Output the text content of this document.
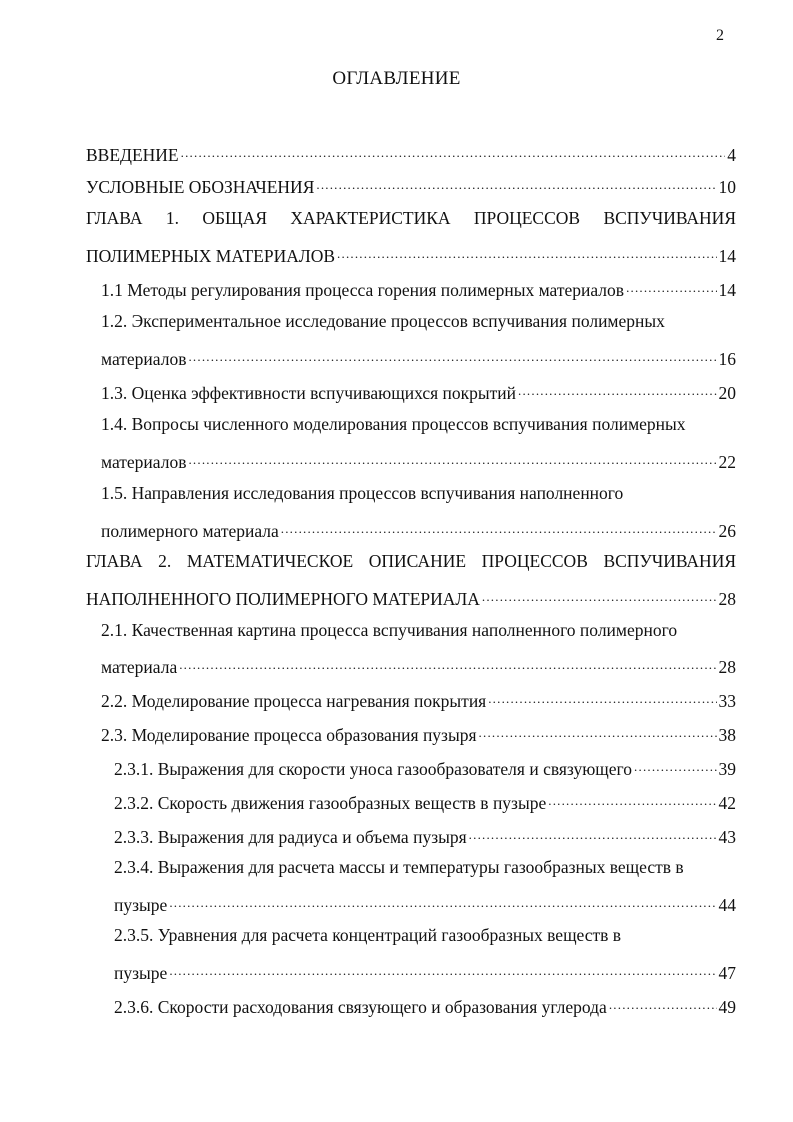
2
ОГЛАВЛЕНИЕ
ВВЕДЕНИЕ .....	4
УСЛОВНЫЕ ОБОЗНАЧЕНИЯ .....	10
ГЛАВА 1. ОБЩАЯ ХАРАКТЕРИСТИКА ПРОЦЕССОВ ВСПУЧИВАНИЯ
ПОЛИМЕРНЫХ МАТЕРИАЛОВ .....	14
1.1 Методы регулирования процесса горения полимерных материалов .....	14
1.2. Экспериментальное исследование процессов вспучивания полимерных
материалов .....	16
1.3. Оценка эффективности вспучивающихся покрытий .....	20
1.4. Вопросы численного моделирования процессов вспучивания полимерных
материалов .....	22
1.5. Направления исследования процессов вспучивания наполненного
полимерного материала .....	26
ГЛАВА 2. МАТЕМАТИЧЕСКОЕ ОПИСАНИЕ ПРОЦЕССОВ ВСПУЧИВАНИЯ
НАПОЛНЕННОГО ПОЛИМЕРНОГО МАТЕРИАЛА .....	28
2.1. Качественная картина процесса вспучивания наполненного полимерного
материала .....	28
2.2. Моделирование процесса нагревания покрытия .....	33
2.3. Моделирование процесса образования пузыря .....	38
2.3.1. Выражения для скорости уноса газообразователя и связующего .....	39
2.3.2. Скорость движения газообразных веществ в пузыре .....	42
2.3.3. Выражения для радиуса и объема пузыря .....	43
2.3.4. Выражения для расчета массы и температуры газообразных веществ в
пузыре .....	44
2.3.5. Уравнения для расчета концентраций газообразных веществ в
пузыре .....	47
2.3.6. Скорости расходования связующего и образования углерода .....	49
